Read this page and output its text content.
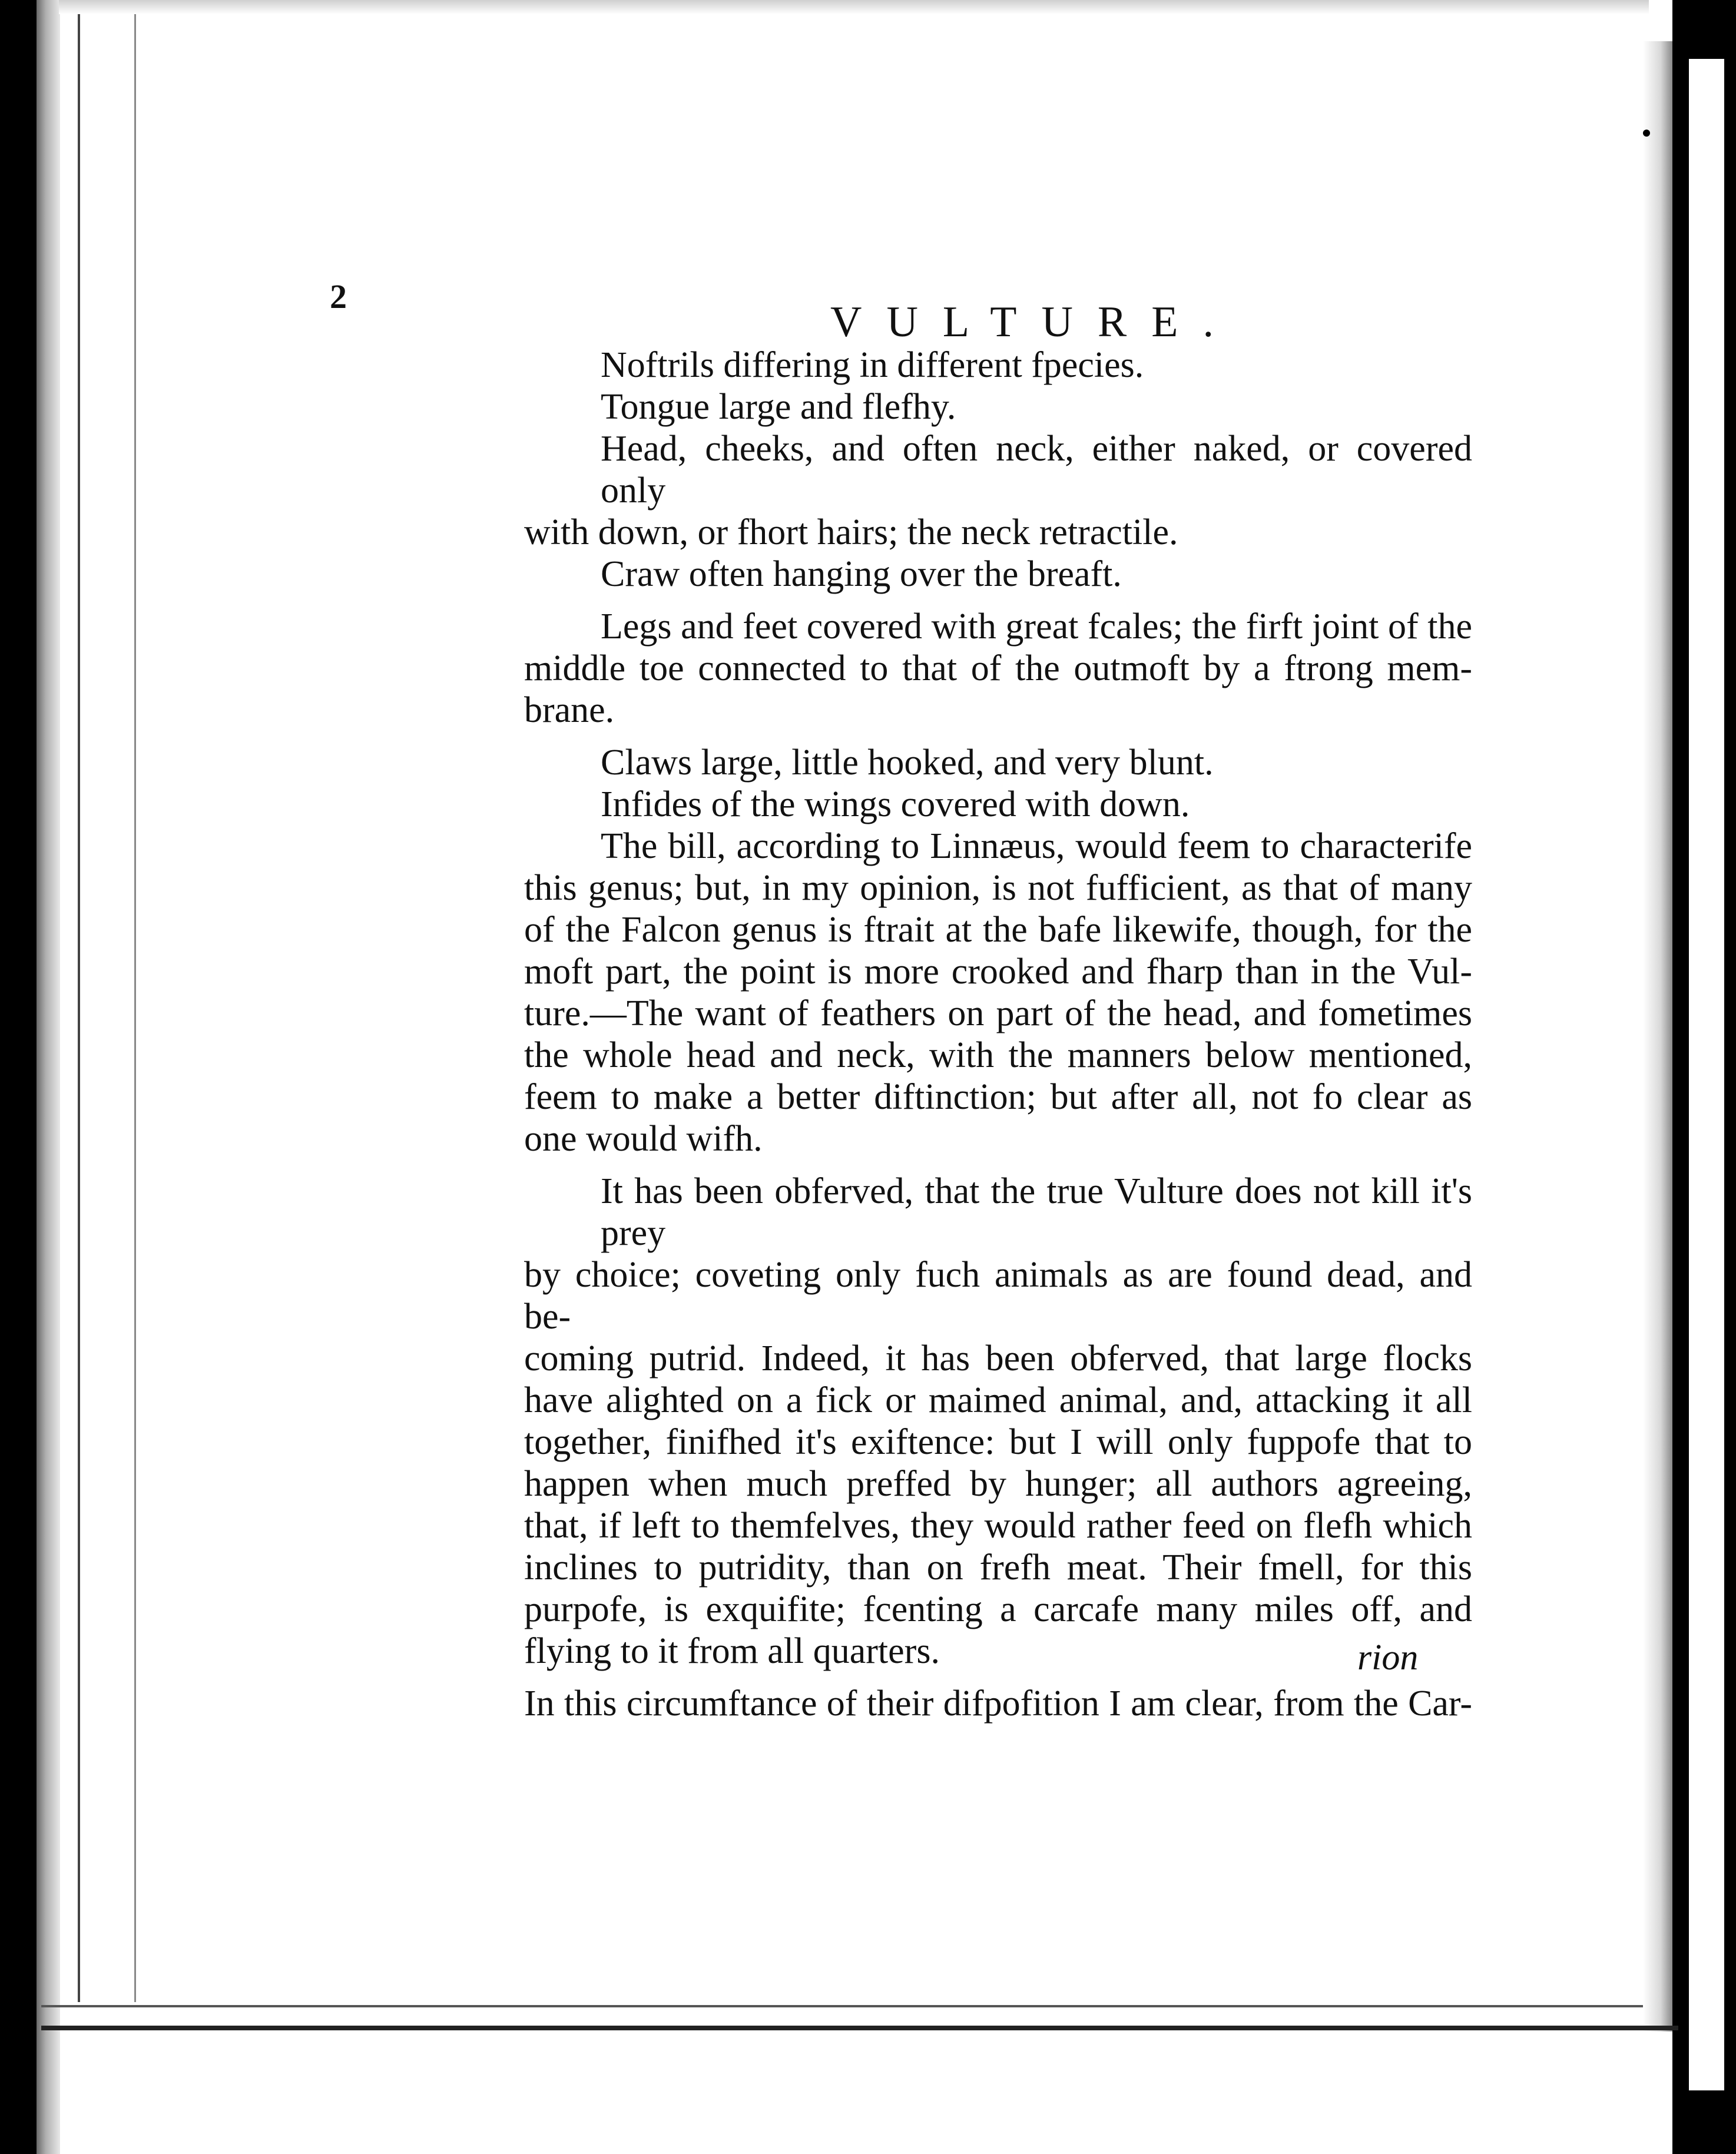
2
VULTURE.
Noftrils differing in different fpecies.
Tongue large and flefhy.
Head, cheeks, and often neck, either naked, or covered only
with down, or fhort hairs; the neck retractile.
Craw often hanging over the breaft.
Legs and feet covered with great fcales; the firft joint of the
middle toe connected to that of the outmoft by a ftrong mem-
brane.
Claws large, little hooked, and very blunt.
Infides of the wings covered with down.
The bill, according to Linnæus, would feem to characterife
this genus; but, in my opinion, is not fufficient, as that of many
of the Falcon genus is ftrait at the bafe likewife, though, for the
moft part, the point is more crooked and fharp than in the Vul-
ture.—The want of feathers on part of the head, and fometimes
the whole head and neck, with the manners below mentioned,
feem to make a better diftinction; but after all, not fo clear as
one would wifh.
It has been obferved, that the true Vulture does not kill it's prey
by choice; coveting only fuch animals as are found dead, and be-
coming putrid. Indeed, it has been obferved, that large flocks
have alighted on a fick or maimed animal, and, attacking it all
together, finifhed it's exiftence: but I will only fuppofe that to
happen when much preffed by hunger; all authors agreeing,
that, if left to themfelves, they would rather feed on flefh which
inclines to putridity, than on frefh meat. Their fmell, for this
purpofe, is exquifite; fcenting a carcafe many miles off, and
flying to it from all quarters.
In this circumftance of their difpofition I am clear, from the Car-
rion
